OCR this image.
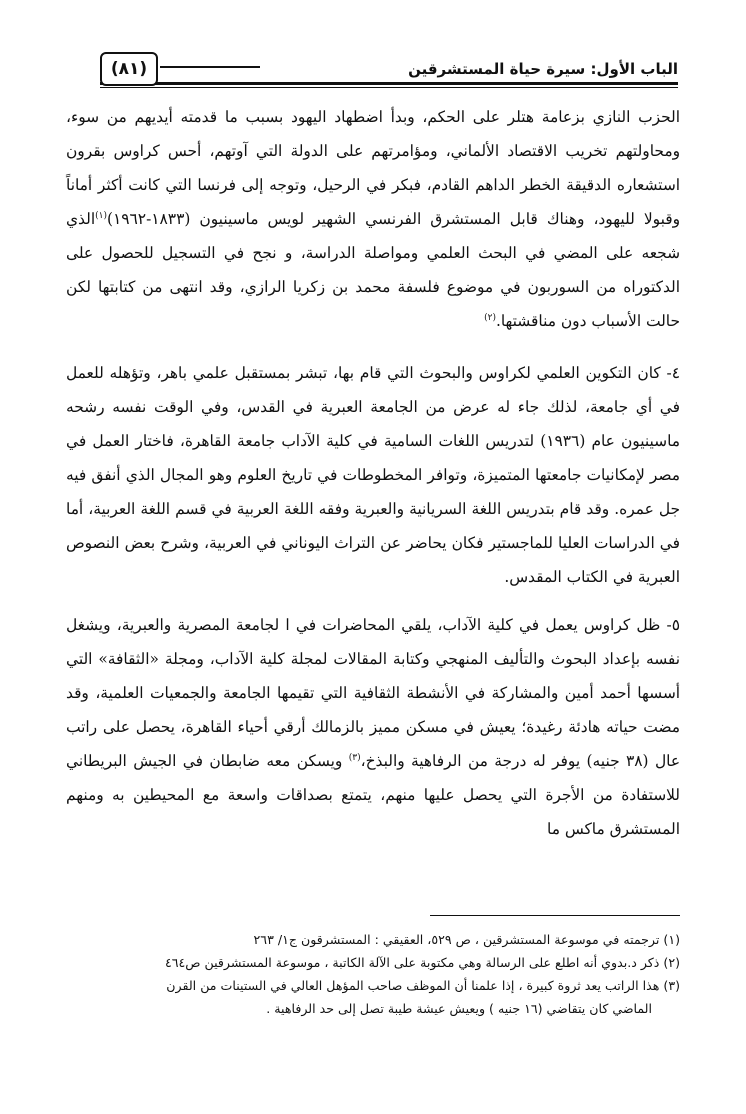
الباب الأول: سيرة حياة المستشرقين
(٨١)

الحزب النازي بزعامة هتلر على الحكم، وبدأ اضطهاد اليهود بسبب ما قدمته أيديهم من سوء، ومحاولتهم تخريب الاقتصاد الألماني، ومؤامرتهم على الدولة التي آوتهم، أحس كراوس بقرون استشعاره الدقيقة الخطر الداهم القادم، فبكر في الرحيل، وتوجه إلى فرنسا التي كانت أكثر أماناً وقبولا لليهود، وهناك قابل المستشرق الفرنسي الشهير لويس ماسينيون (١٨٣٣-١٩٦٢)$^{(١)}$الذي شجعه على المضي في البحث العلمي ومواصلة الدراسة، و نجح في التسجيل للحصول على الدكتوراه من السوربون في موضوع فلسفة محمد بن زكريا الرازي، وقد انتهى من كتابتها لكن حالت الأسباب دون مناقشتها.$^{(٢)}$

٤- كان التكوين العلمي لكراوس والبحوث التي قام بها، تبشر بمستقبل علمي باهر، وتؤهله للعمل في أي جامعة، لذلك جاء له عرض من الجامعة العبرية في القدس، وفي الوقت نفسه رشحه ماسينيون عام (١٩٣٦) لتدريس اللغات السامية في كلية الآداب جامعة القاهرة، فاختار العمل في مصر لإمكانيات جامعتها المتميزة، وتوافر المخطوطات في تاريخ العلوم وهو المجال الذي أنفق فيه جل عمره. وقد قام بتدريس اللغة السريانية والعبرية وفقه اللغة العربية في قسم اللغة العربية، أما في الدراسات العليا للماجستير فكان يحاضر عن التراث اليوناني في العربية، وشرح بعض النصوص العبرية في الكتاب المقدس.

٥- ظل كراوس يعمل في كلية الآداب، يلقي المحاضرات في ا لجامعة المصرية والعبرية، ويشغل نفسه بإعداد البحوث والتأليف المنهجي وكتابة المقالات لمجلة كلية الآداب، ومجلة «الثقافة» التي أسسها أحمد أمين والمشاركة في الأنشطة الثقافية التي تقيمها الجامعة والجمعيات العلمية، وقد مضت حياته هادئة رغيدة؛ يعيش في مسكن مميز بالزمالك أرقي أحياء القاهرة، يحصل على راتب عال (٣٨ جنيه) يوفر له درجة من الرفاهية والبذخ،$^{(٣)}$ ويسكن معه ضابطان في الجيش البريطاني للاستفادة من الأجرة التي يحصل عليها منهم، يتمتع بصداقات واسعة مع المحيطين به ومنهم المستشرق ماكس ما

(١) ترجمته في موسوعة المستشرقين ، ص ٥٢٩، العقيقي : المستشرقون ج١/ ٢٦٣

(٢) ذكر د.بدوي أنه اطلع على الرسالة وهي مكتوبة على الآلة الكاتبة ، موسوعة المستشرقين ص٤٦٤

(٣) هذا الراتب يعد ثروة كبيرة ، إذا علمنا أن الموظف صاحب المؤهل العالي في الستينات من القرن
الماضي كان يتقاضي (١٦ جنيه ) ويعيش عيشة طيبة تصل إلى حد الرفاهية .
